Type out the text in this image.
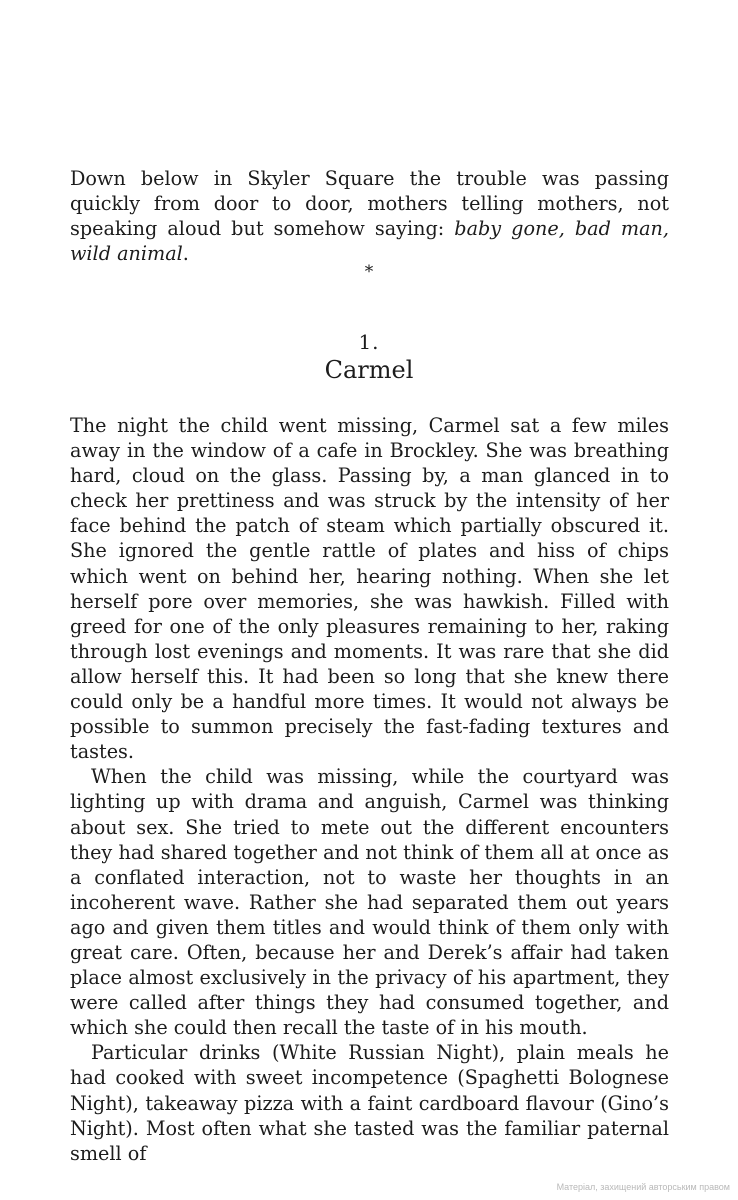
Down below in Skyler Square the trouble was passing quickly from door to door, mothers telling mothers, not speaking aloud but somehow saying: baby gone, bad man, wild animal.

*
1.
Carmel

The night the child went missing, Carmel sat a few miles away in the window of a cafe in Brockley. She was breathing hard, cloud on the glass. Passing by, a man glanced in to check her prettiness and was struck by the intensity of her face behind the patch of steam which partially obscured it. She ignored the gentle rattle of plates and hiss of chips which went on behind her, hearing nothing. When she let herself pore over memories, she was hawkish. Filled with greed for one of the only pleasures remaining to her, raking through lost evenings and moments. It was rare that she did allow herself this. It had been so long that she knew there could only be a handful more times. It would not always be possible to summon precisely the fast-fading textures and tastes.

When the child was missing, while the courtyard was lighting up with drama and anguish, Carmel was thinking about sex. She tried to mete out the different encounters they had shared together and not think of them all at once as a conflated interaction, not to waste her thoughts in an incoherent wave. Rather she had separated them out years ago and given them titles and would think of them only with great care. Often, because her and Derek’s affair had taken place almost exclusively in the privacy of his apartment, they were called after things they had consumed together, and which she could then recall the taste of in his mouth.

Particular drinks (White Russian Night), plain meals he had cooked with sweet incompetence (Spaghetti Bolognese Night), takeaway pizza with a faint cardboard flavour (Gino’s Night). Most often what she tasted was the familiar paternal smell of

Матеріал, захищений авторським правом
